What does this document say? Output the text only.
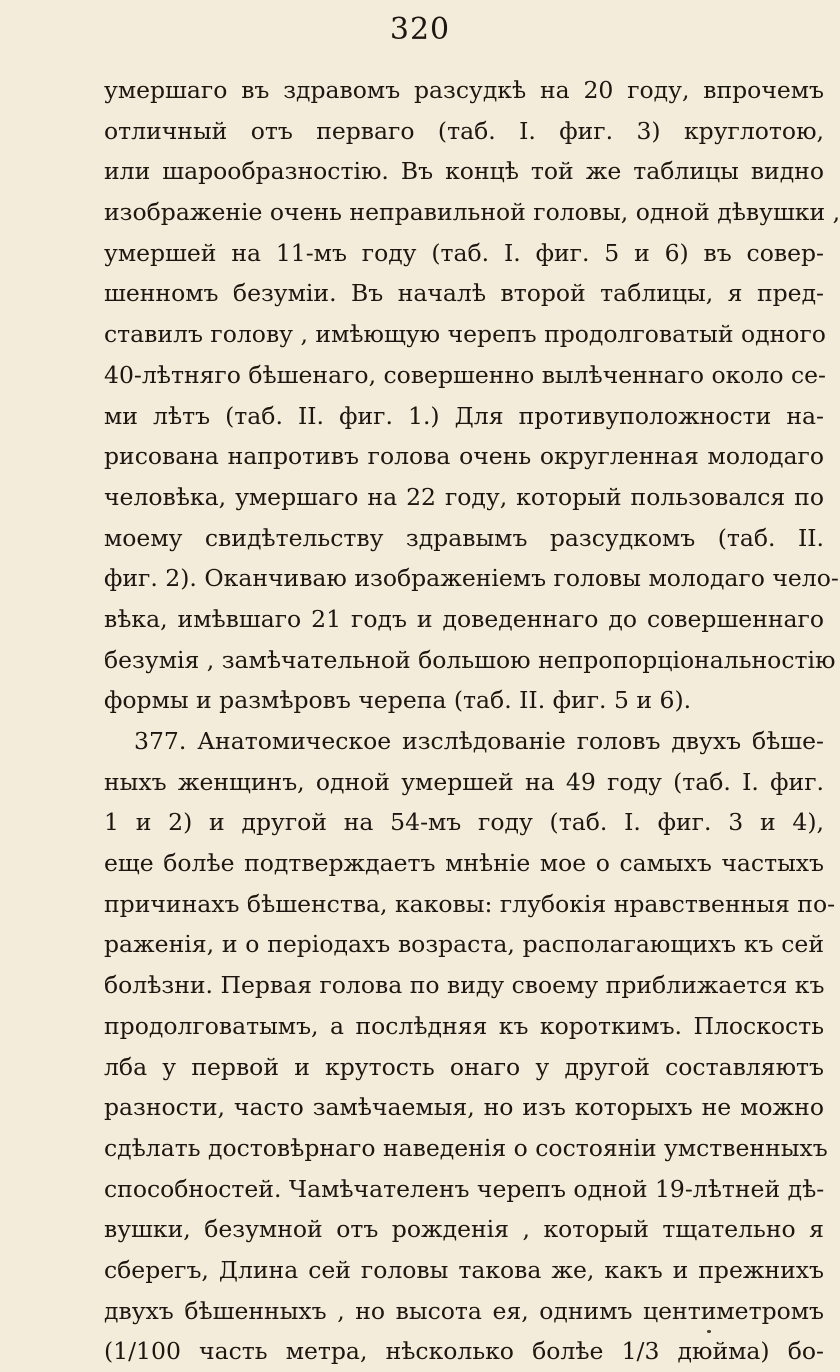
320
умершаго въ здравомъ разсудкѣ на 20 году, впрочемъ
отличный отъ перваго (таб. I. фиг. 3) круглотою,
или шарообразностію. Въ концѣ той же таблицы видно
изображеніе очень неправильной головы, одной дѣвушки ,
умершей на 11-мъ году (таб. I. фиг. 5 и 6) въ совер-
шенномъ безуміи. Въ началѣ второй таблицы, я пред-
ставилъ голову , имѣющую черепъ продолговатый одного
40-лѣтняго бѣшенаго, совершенно вылѣченнаго около се-
ми лѣтъ (таб. II. фиг. 1.) Для противуположности на-
рисована напротивъ голова очень округленная молодаго
человѣка, умершаго на 22 году, который пользовался по
моему свидѣтельству здравымъ разсудкомъ (таб. II.
фиг. 2). Оканчиваю изображеніемъ головы молодаго чело-
вѣка, имѣвшаго 21 годъ и доведеннаго до совершеннаго
безумія , замѣчательной большою непропорціональностію
формы и размѣровъ черепа (таб. II. фиг. 5 и 6).
377. Анатомическое изслѣдованіе головъ двухъ бѣше-
ныхъ женщинъ, одной умершей на 49 году (таб. I. фиг.
1 и 2) и другой на 54-мъ году (таб. I. фиг. 3 и 4),
еще болѣе подтверждаетъ мнѣніе мое о самыхъ частыхъ
причинахъ бѣшенства, каковы: глубокія нравственныя по-
раженія, и о періодахъ возраста, располагающихъ къ сей
болѣзни. Первая голова по виду своему приближается къ
продолговатымъ, а послѣдняя къ короткимъ. Плоскость
лба у первой и крутость онаго у другой составляютъ
разности, часто замѣчаемыя, но изъ которыхъ не можно
сдѣлать достовѣрнаго наведенія о состояніи умственныхъ
способностей. Чамѣчателенъ черепъ одной 19-лѣтней дѣ-
вушки, безумной отъ рожденія , который тщательно я
сберегъ, Длина сей головы такова же, какъ и прежнихъ
двухъ бѣшенныхъ , но высота ея, однимъ центиметромъ
(1/100 часть метра, нѣсколько болѣе 1/3 дюйма) бо-
